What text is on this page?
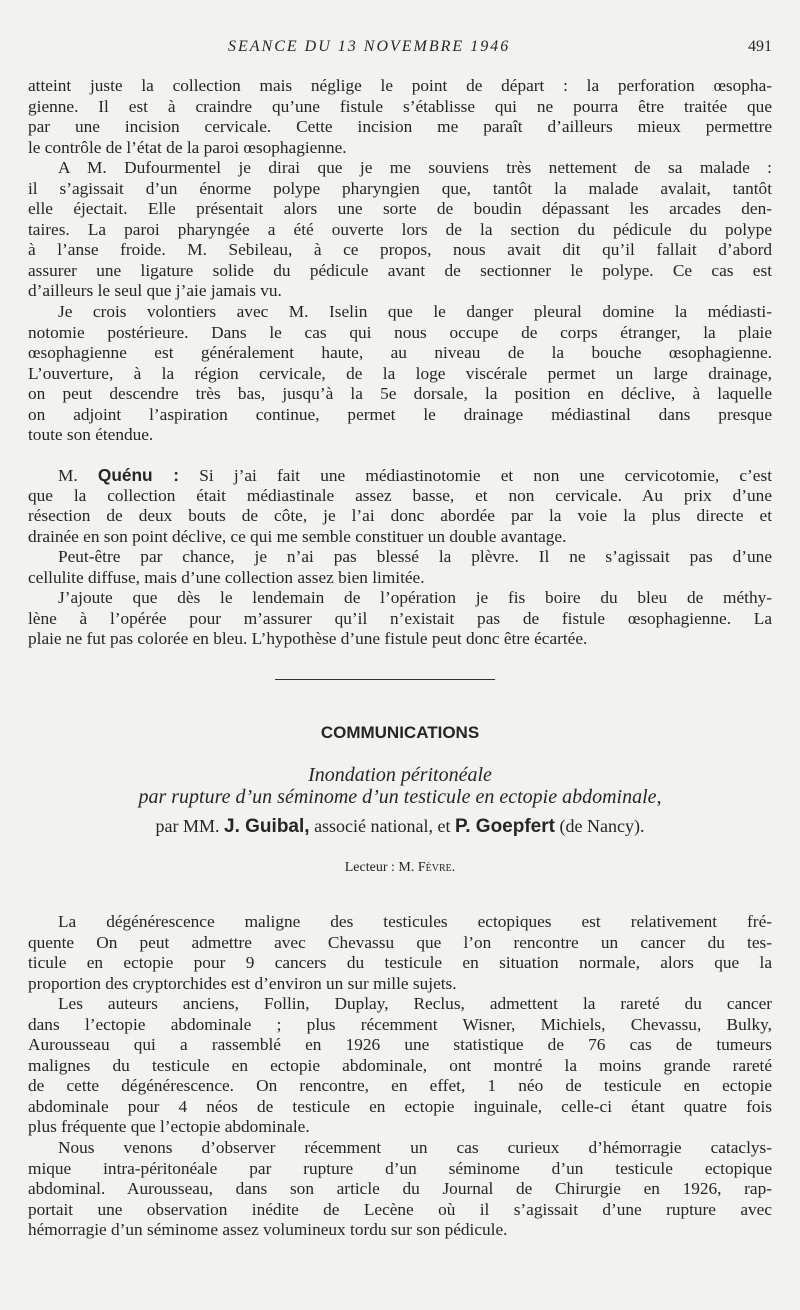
SEANCE DU 13 NOVEMBRE 1946	491
atteint juste la collection mais néglige le point de départ : la perforation œsopha-
gienne. Il est à craindre qu’une fistule s’établisse qui ne pourra être traitée que
par une incision cervicale. Cette incision me paraît d’ailleurs mieux permettre
le contrôle de l’état de la paroi œsophagienne.
A M. Dufourmentel je dirai que je me souviens très nettement de sa malade :
il s’agissait d’un énorme polype pharyngien que, tantôt la malade avalait, tantôt
elle éjectait. Elle présentait alors une sorte de boudin dépassant les arcades den-
taires. La paroi pharyngée a été ouverte lors de la section du pédicule du polype
à l’anse froide. M. Sebileau, à ce propos, nous avait dit qu’il fallait d’abord
assurer une ligature solide du pédicule avant de sectionner le polype. Ce cas est
d’ailleurs le seul que j’aie jamais vu.
Je crois volontiers avec M. Iselin que le danger pleural domine la médiasti-
notomie postérieure. Dans le cas qui nous occupe de corps étranger, la plaie
œsophagienne est généralement haute, au niveau de la bouche œsophagienne.
L’ouverture, à la région cervicale, de la loge viscérale permet un large drainage,
on peut descendre très bas, jusqu’à la 5e dorsale, la position en déclive, à laquelle
on adjoint l’aspiration continue, permet le drainage médiastinal dans presque
toute son étendue.
M. Quénu : Si j’ai fait une médiastinotomie et non une cervicotomie, c’est
que la collection était médiastinale assez basse, et non cervicale. Au prix d’une
résection de deux bouts de côte, je l’ai donc abordée par la voie la plus directe et
drainée en son point déclive, ce qui me semble constituer un double avantage.
Peut-être par chance, je n’ai pas blessé la plèvre. Il ne s’agissait pas d’une
cellulite diffuse, mais d’une collection assez bien limitée.
J’ajoute que dès le lendemain de l’opération je fis boire du bleu de méthy-
lène à l’opérée pour m’assurer qu’il n’existait pas de fistule œsophagienne. La
plaie ne fut pas colorée en bleu. L’hypothèse d’une fistule peut donc être écartée.
COMMUNICATIONS
Inondation péritonéale
par rupture d’un séminome d’un testicule en ectopie abdominale,
par MM. J. Guibal, associé national, et P. Goepfert (de Nancy).
Lecteur : M. Fèvre.
La dégénérescence maligne des testicules ectopiques est relativement fré-
quente On peut admettre avec Chevassu que l’on rencontre un cancer du tes-
ticule en ectopie pour 9 cancers du testicule en situation normale, alors que la
proportion des cryptorchides est d’environ un sur mille sujets.
Les auteurs anciens, Follin, Duplay, Reclus, admettent la rareté du cancer
dans l’ectopie abdominale ; plus récemment Wisner, Michiels, Chevassu, Bulky,
Aurousseau qui a rassemblé en 1926 une statistique de 76 cas de tumeurs
malignes du testicule en ectopie abdominale, ont montré la moins grande rareté
de cette dégénérescence. On rencontre, en effet, 1 néo de testicule en ectopie
abdominale pour 4 néos de testicule en ectopie inguinale, celle-ci étant quatre fois
plus fréquente que l’ectopie abdominale.
Nous venons d’observer récemment un cas curieux d’hémorragie cataclys-
mique intra-péritonéale par rupture d’un séminome d’un testicule ectopique
abdominal. Aurousseau, dans son article du Journal de Chirurgie en 1926, rap-
portait une observation inédite de Lecène où il s’agissait d’une rupture avec
hémorragie d’un séminome assez volumineux tordu sur son pédicule.
